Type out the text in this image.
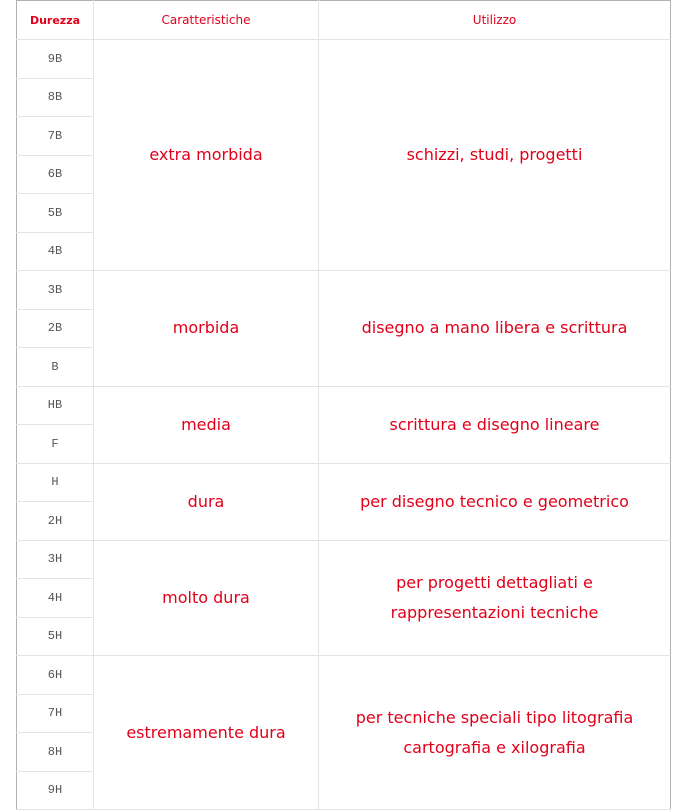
Durezza	Caratteristiche	Utilizzo
9B	extra morbida	schizzi, studi, progetti

8B		
7B		
6B		
5B		
4B		
3B	morbida	disegno a mano libera e scrittura

2B		
B		
HB	media	scrittura e disegno lineare

F		
H	dura	per disegno tecnico e geometrico

2H		
3H	molto dura	per progetti dettagliati e
rappresentazioni tecniche

4H		
5H		
6H	estremamente dura	per tecniche speciali tipo litografia
cartografia e xilografia

7H		
8H		
9H		
